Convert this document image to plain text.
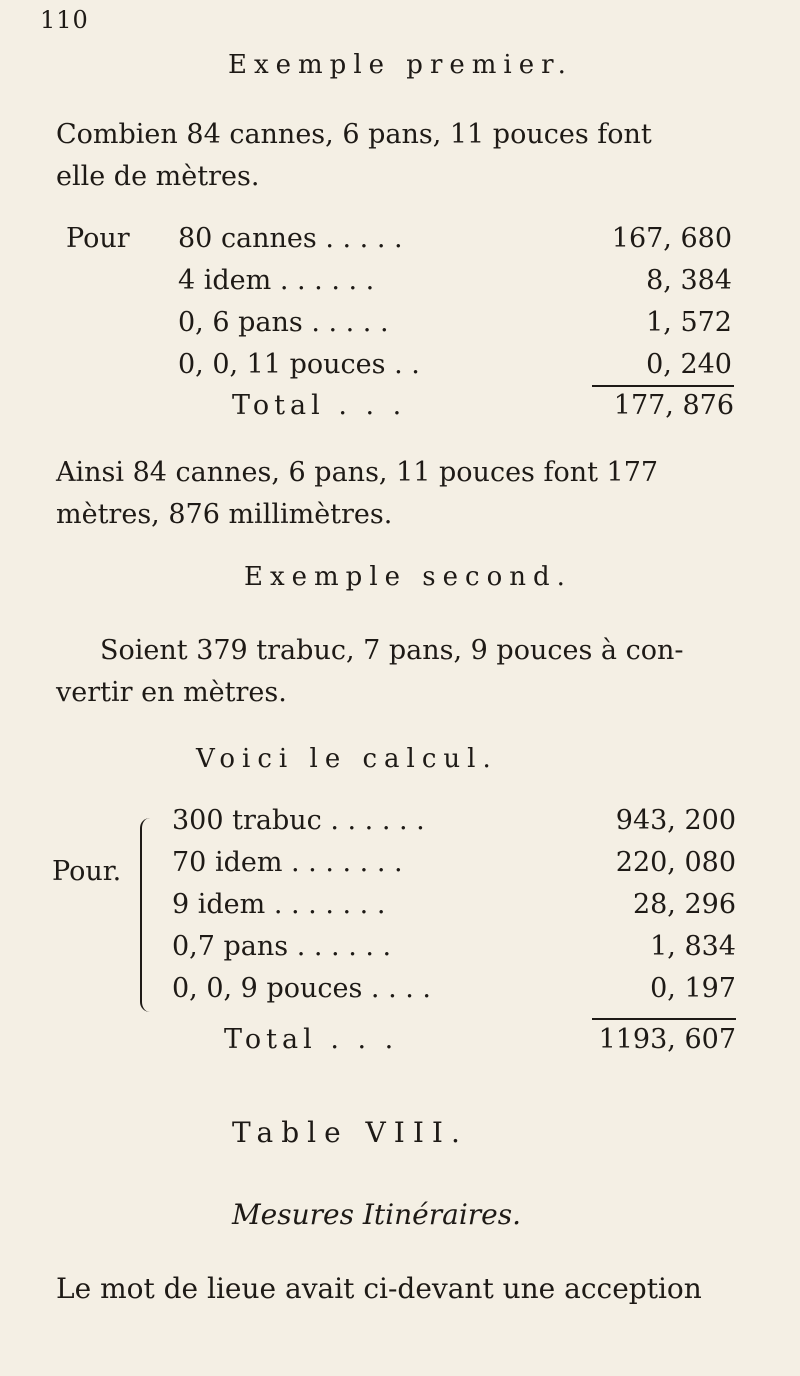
110
Exemple premier.
Combien 84 cannes, 6 pans, 11 pouces font
elle de mètres.
Pour 80 cannes . . . . .	167, 680
4 idem . . . . . .	8, 384
0, 6 pans . . . . .	1, 572
0, 0, 11 pouces . .	0, 240
Total . . .	177, 876
Ainsi 84 cannes, 6 pans, 11 pouces font 177
mètres, 876 millimètres.
Exemple second.
Soient 379 trabuc, 7 pans, 9 pouces à con-
vertir en mètres.
Voici le calcul.
Pour.
300 trabuc . . . . . .	943, 200
70 idem . . . . . . .	220, 080
9 idem . . . . . . .	28, 296
0,7 pans . . . . . .	1, 834
0, 0, 9 pouces . . . .	0, 197
Total . . .	1193, 607
Table VIII.
Mesures Itinéraires.
Le mot de lieue avait ci-devant une acception
